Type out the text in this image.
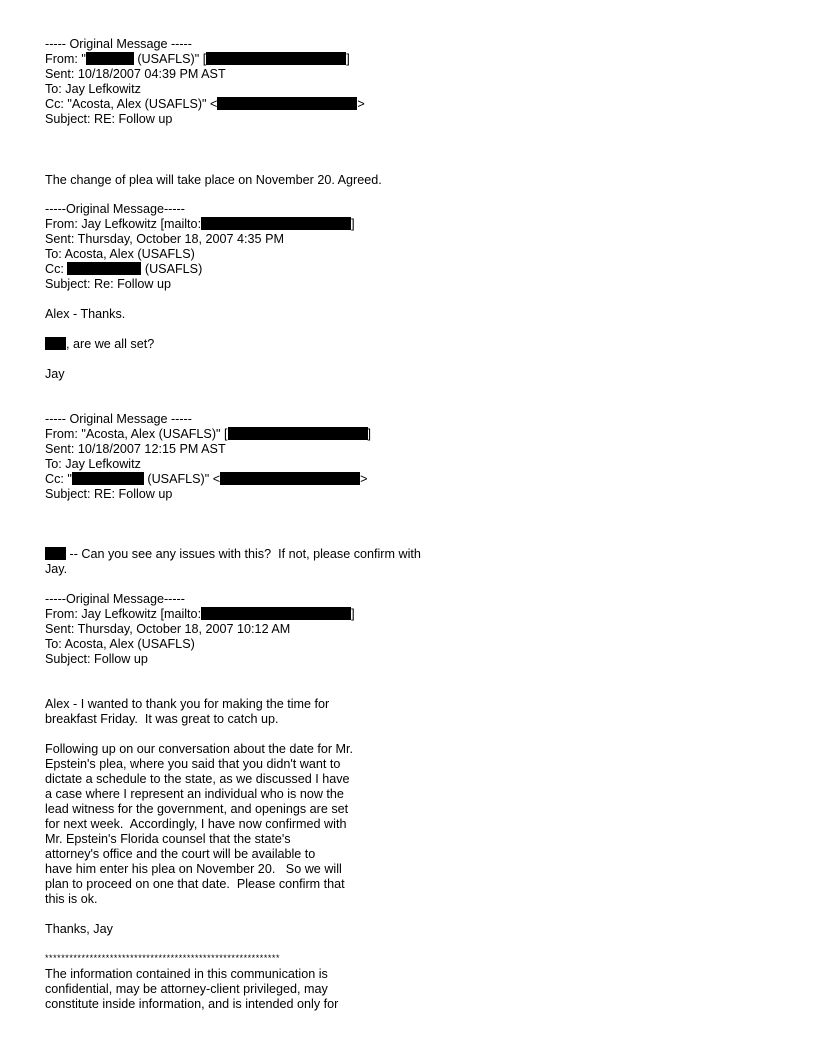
----- Original Message -----
From: "	(USAFLS)" [	]
Sent: 10/18/2007 04:39 PM AST
To: Jay Lefkowitz
Cc: "Acosta, Alex (USAFLS)" <	>
Subject: RE: Follow up
The change of plea will take place on November 20. Agreed.
-----Original Message-----
From: Jay Lefkowitz [mailto:	]
Sent: Thursday, October 18, 2007 4:35 PM
To: Acosta, Alex (USAFLS)
Cc:	(USAFLS)
Subject: Re: Follow up
Alex - Thanks.
, are we all set?
Jay
----- Original Message -----
From: "Acosta, Alex (USAFLS)" [	]
Sent: 10/18/2007 12:15 PM AST
To: Jay Lefkowitz
Cc: "	(USAFLS)" <	>
Subject: RE: Follow up
-- Can you see any issues with this?  If not, please confirm with
Jay.
-----Original Message-----
From: Jay Lefkowitz [mailto:	]
Sent: Thursday, October 18, 2007 10:12 AM
To: Acosta, Alex (USAFLS)
Subject: Follow up
Alex - I wanted to thank you for making the time for
breakfast Friday.  It was great to catch up.
Following up on our conversation about the date for Mr.
Epstein's plea, where you said that you didn't want to
dictate a schedule to the state, as we discussed I have
a case where I represent an individual who is now the
lead witness for the government, and openings are set
for next week.  Accordingly, I have now confirmed with
Mr. Epstein's Florida counsel that the state's
attorney's office and the court will be available to
have him enter his plea on November 20.   So we will
plan to proceed on one that date.  Please confirm that
this is ok.
Thanks, Jay
**********************************************************
The information contained in this communication is
confidential, may be attorney-client privileged, may
constitute inside information, and is intended only for
